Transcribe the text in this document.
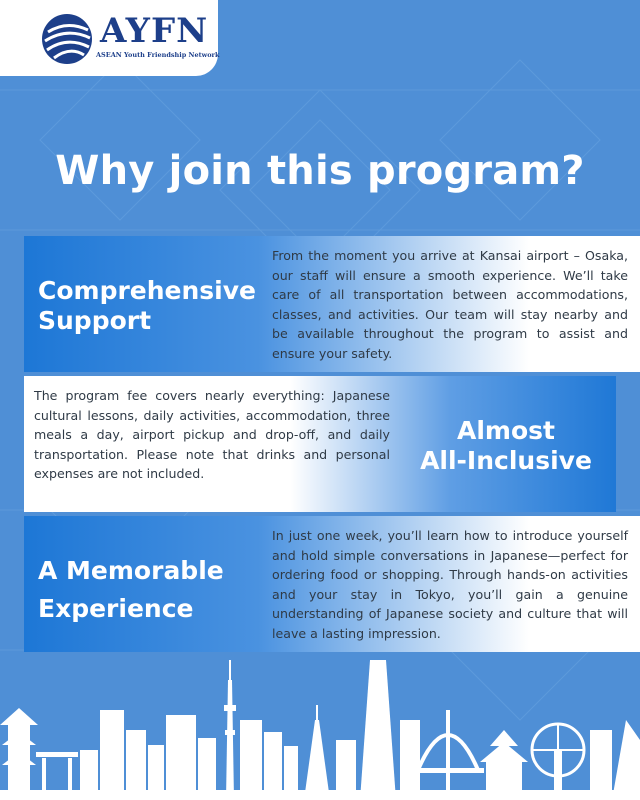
AYFN
ASEAN Youth Friendship Network
Why join this program?
Comprehensive
Support
From the moment you arrive at Kansai airport – Osaka, our staff will ensure a smooth experience. We’ll take care of all transportation between accommodations, classes, and activities. Our team will stay nearby and be available throughout the program to assist and ensure your safety.
The program fee covers nearly everything: Japanese cultural lessons, daily activities, accommodation, three meals a day, airport pickup and drop-off, and daily transportation. Please note that drinks and personal expenses are not included.
Almost
All-Inclusive
A Memorable
Experience
In just one week, you’ll learn how to introduce yourself and hold simple conversations in Japanese—perfect for ordering food or shopping. Through hands-on activities and your stay in Tokyo, you’ll gain a genuine understanding of Japanese society and culture that will leave a lasting impression.
